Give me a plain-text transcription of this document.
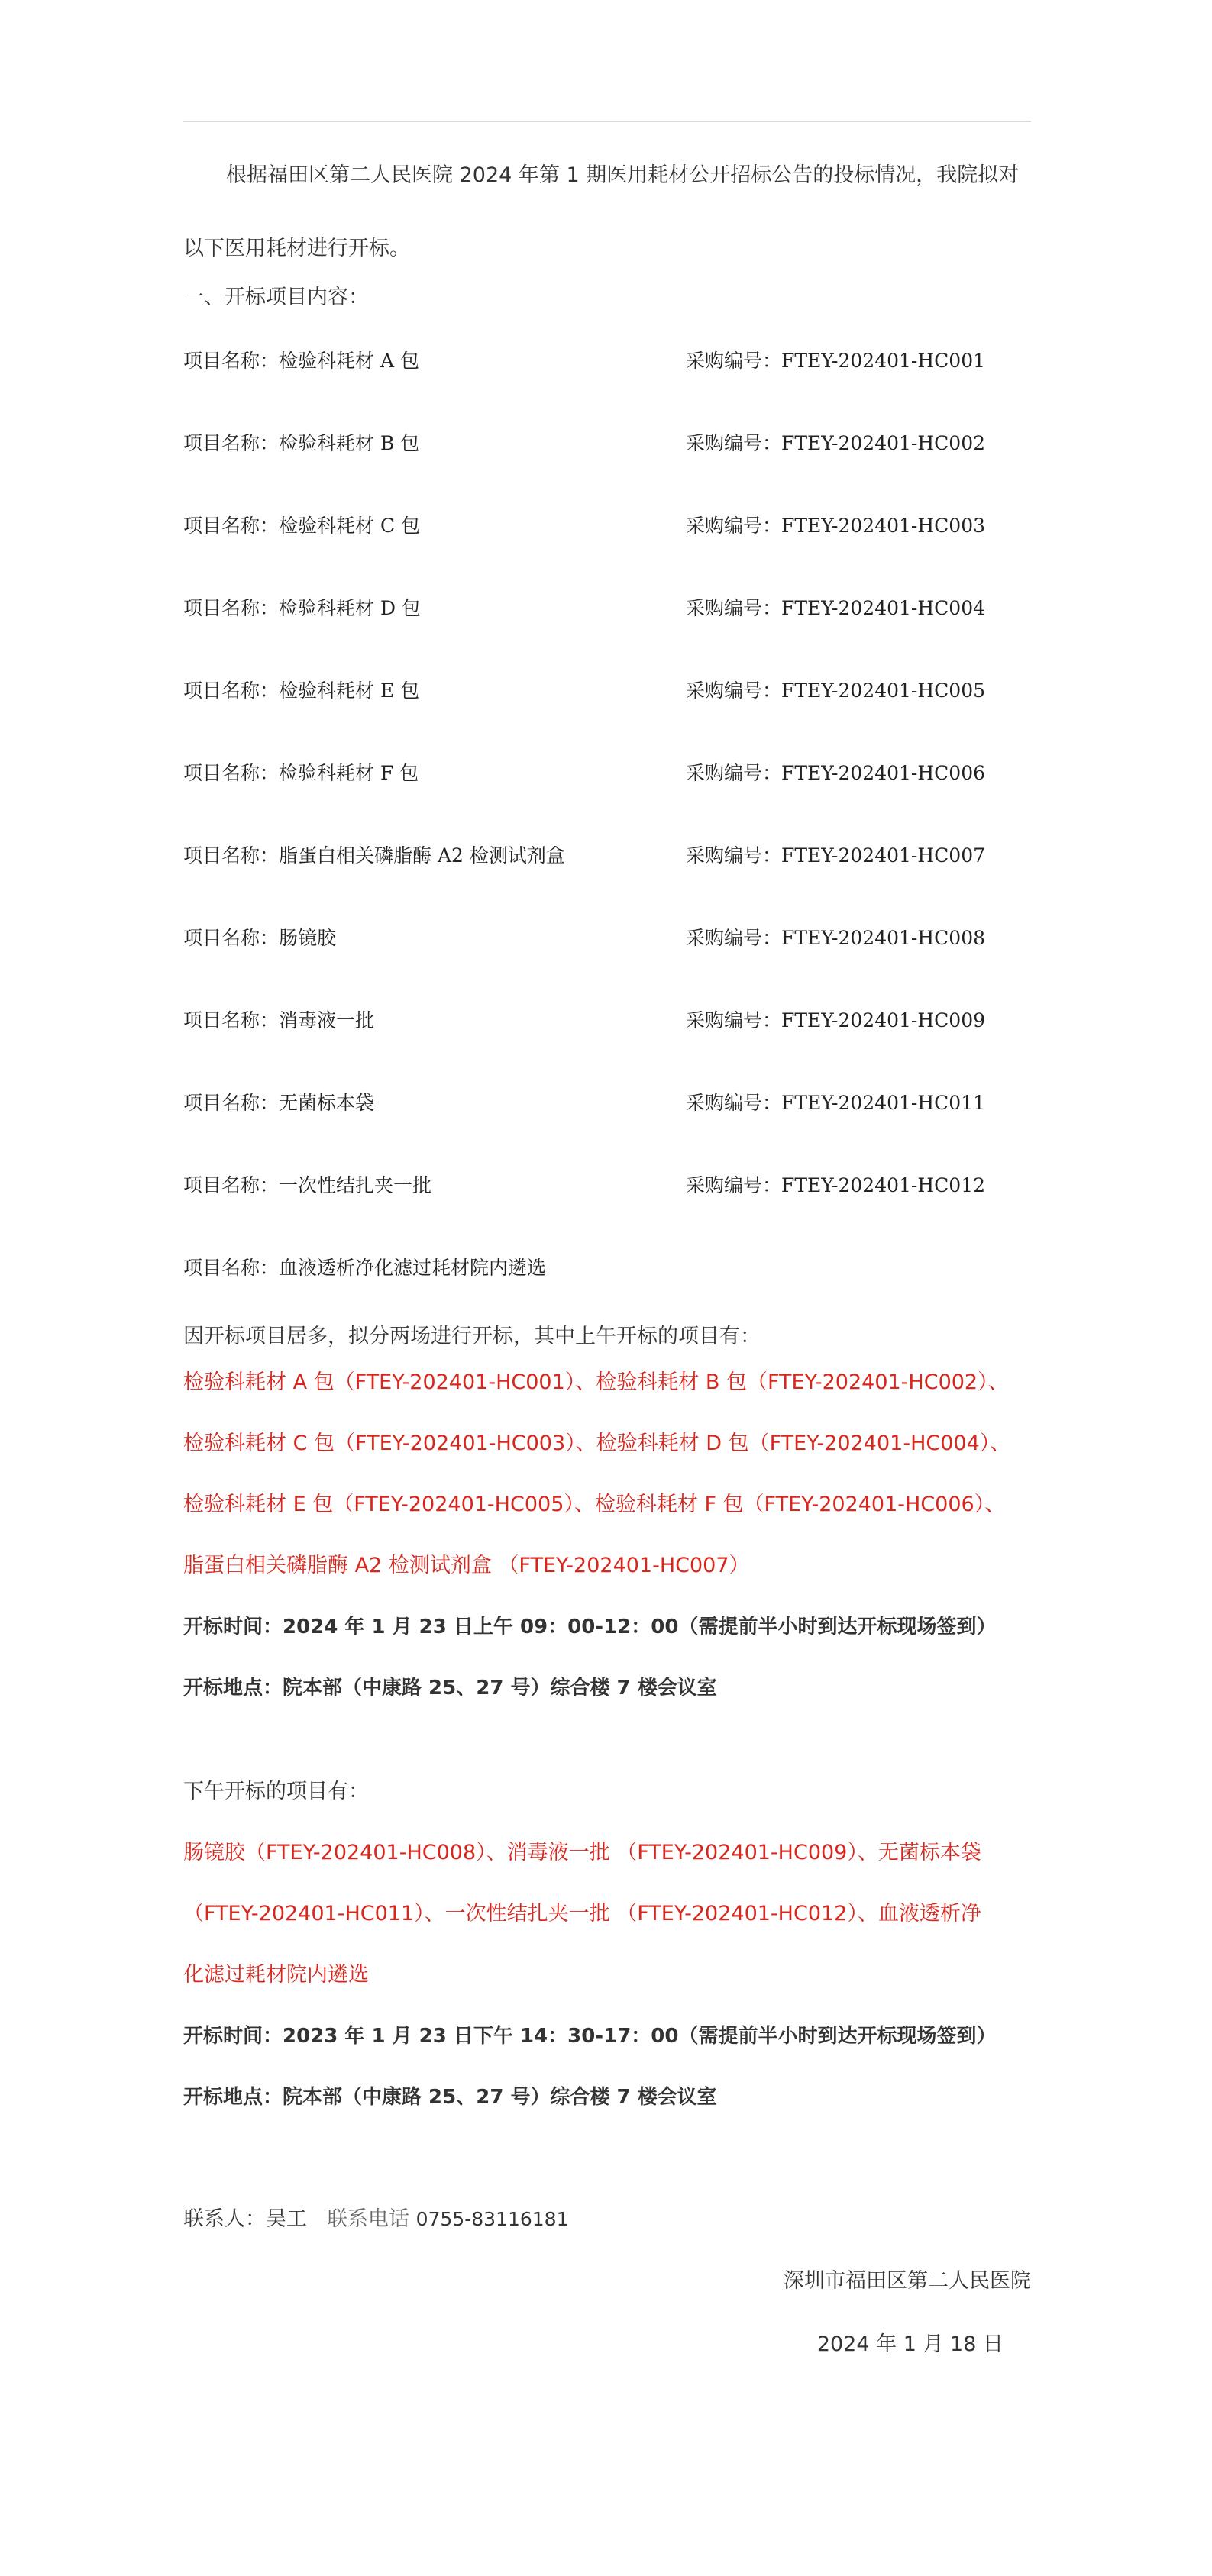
根据福田区第二人民医院 2024 年第 1 期医用耗材公开招标公告的投标情况，我院拟对
以下医用耗材进行开标。
一、开标项目内容：
项目名称：检验科耗材 A 包	采购编号：FTEY-202401-HC001
项目名称：检验科耗材 B 包	采购编号：FTEY-202401-HC002
项目名称：检验科耗材 C 包	采购编号：FTEY-202401-HC003
项目名称：检验科耗材 D 包	采购编号：FTEY-202401-HC004
项目名称：检验科耗材 E 包	采购编号：FTEY-202401-HC005
项目名称：检验科耗材 F 包	采购编号：FTEY-202401-HC006
项目名称：脂蛋白相关磷脂酶 A2 检测试剂盒	采购编号：FTEY-202401-HC007
项目名称：肠镜胶	采购编号：FTEY-202401-HC008
项目名称：消毒液一批	采购编号：FTEY-202401-HC009
项目名称：无菌标本袋	采购编号：FTEY-202401-HC011
项目名称：一次性结扎夹一批	采购编号：FTEY-202401-HC012
项目名称：血液透析净化滤过耗材院内遴选
因开标项目居多，拟分两场进行开标，其中上午开标的项目有：
检验科耗材 A 包（FTEY-202401-HC001）、检验科耗材 B 包（FTEY-202401-HC002）、
检验科耗材 C 包（FTEY-202401-HC003）、检验科耗材 D 包（FTEY-202401-HC004）、
检验科耗材 E 包（FTEY-202401-HC005）、检验科耗材 F 包（FTEY-202401-HC006）、
脂蛋白相关磷脂酶 A2 检测试剂盒 （FTEY-202401-HC007）
开标时间：2024 年 1 月 23 日上午 09：00-12：00（需提前半小时到达开标现场签到）
开标地点：院本部（中康路 25、27 号）综合楼 7 楼会议室
下午开标的项目有：
肠镜胶（FTEY-202401-HC008）、消毒液一批 （FTEY-202401-HC009）、无菌标本袋
（FTEY-202401-HC011）、一次性结扎夹一批 （FTEY-202401-HC012）、血液透析净
化滤过耗材院内遴选
开标时间：2023 年 1 月 23 日下午 14：30-17：00（需提前半小时到达开标现场签到）
开标地点：院本部（中康路 25、27 号）综合楼 7 楼会议室
联系人：吴工 联系电话 0755-83116181
深圳市福田区第二人民医院
2024 年 1 月 18 日
